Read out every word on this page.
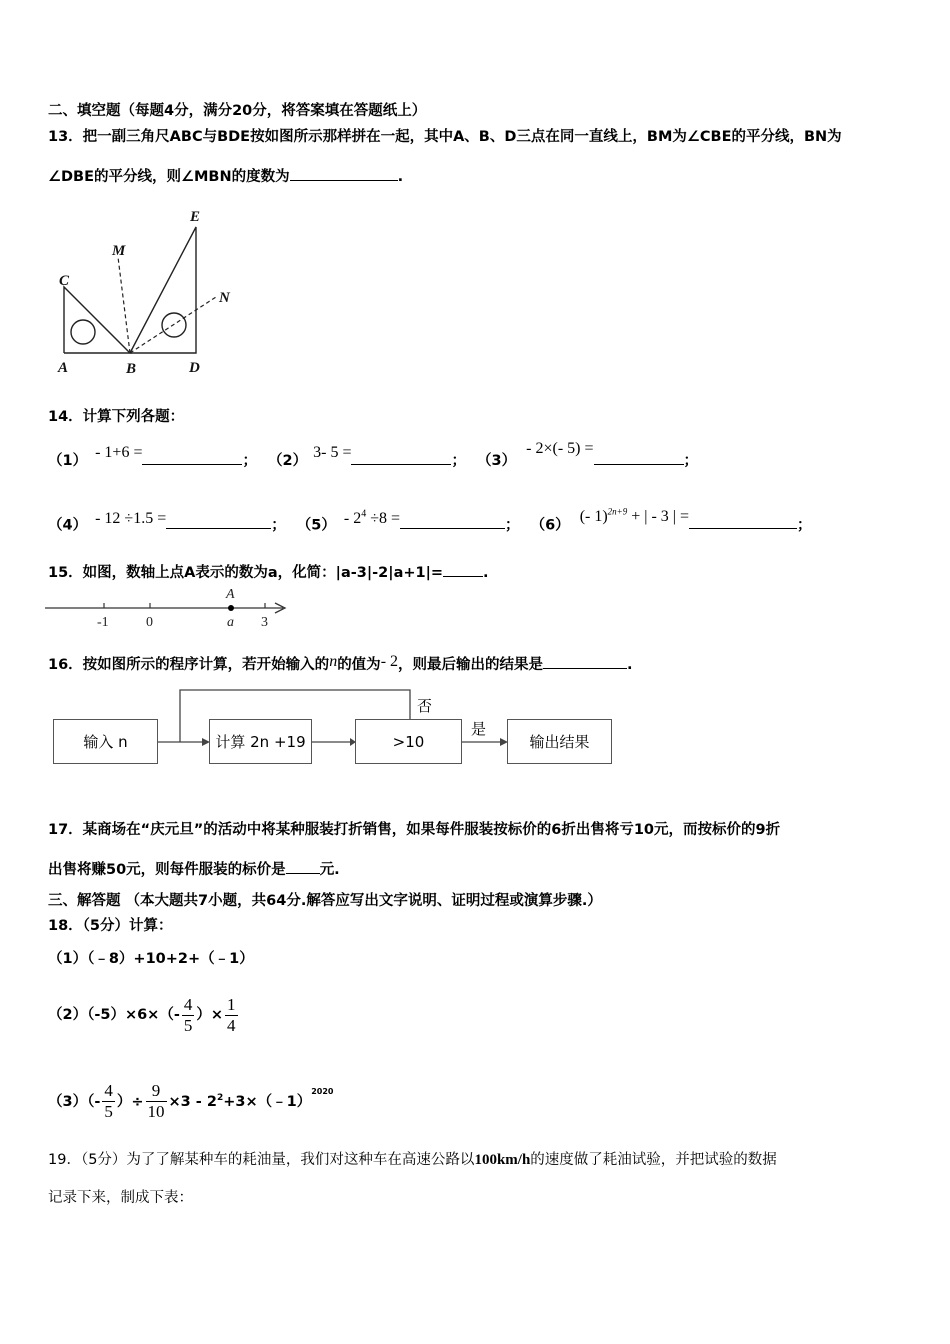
二、填空题（每题4分，满分20分，将答案填在答题纸上）
13．把一副三角尺ABC与BDE按如图所示那样拼在一起，其中A、B、D三点在同一直线上，BM为∠CBE的平分线，BN为
∠DBE的平分线，则∠MBN的度数为	.
C
M
E
N
A	B	D
14．计算下列各题：
（1） - 1+6 =	； （2） 3- 5 =	； （3）- 2×(- 5) =；
（4） - 12 ÷1.5 =	； $(5) - 2^4 \div 8$ =	； （6） (- 1)$^{2n+9}$ + | - 3 | =	；
15．如图，数轴上点A表示的数为a，化简：|a-3|-2|a+1|=	.
-1	0	a 3
A
16．按如图所示的程序计算，若开始输入的n的值为- 2，则最后输出的结果是	.
输入 n	计算 2n +19	>10	输出结果
否
是
17．某商场在“庆元旦”的活动中将某种服装打折销售，如果每件服装按标价的6折出售将亏10元，而按标价的9折
出售将赚50元，则每件服装的标价是 元.
三、解答题 （本大题共7小题，共64分.解答应写出文字说明、证明过程或演算步骤.）
18．（5分）计算：
（1）（﹣8）+10+2+（﹣1）
$(2)(-5)\times 6\times(- \frac{4}{5}$ ）× $\frac{1}{4}$
$(3)(- \frac{4}{5}$ ）÷ $\frac{9}{10} \times 3$ - $2^2+3\times(﹣1)^{2020}$
19．（5分）为了了解某种车的耗油量，我们对这种车在高速公路以100km/h的速度做了耗油试验，并把试验的数据
记录下来，制成下表：
